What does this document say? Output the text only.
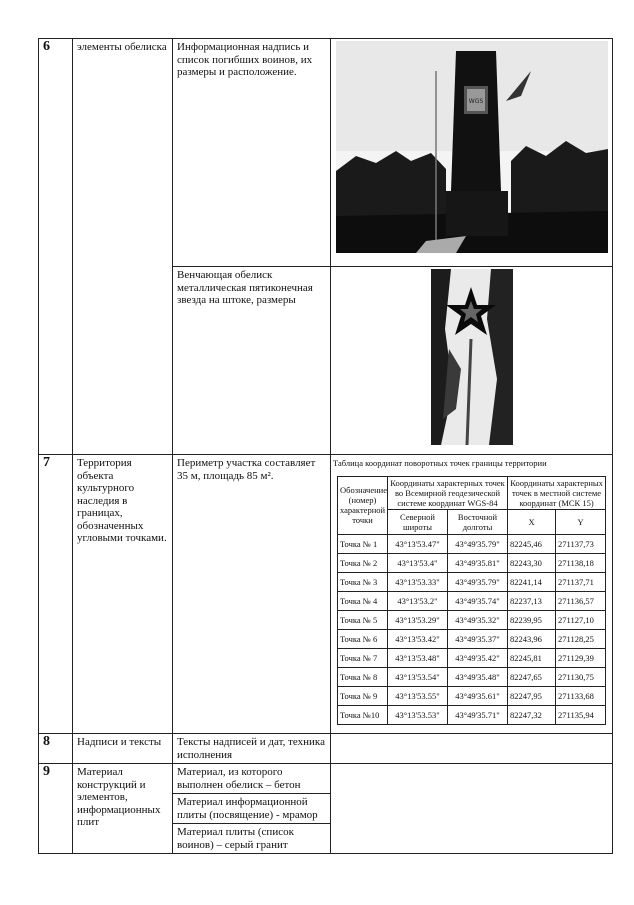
6	элементы обелиска	Информационная надпись и список погибших воинов, их размеры и расположение.	
WGS

Венчающая обелиск металлическая пятиконечная звезда на штоке, размеры	
7	Территория объекта культурного наследия в границах, обозначенных угловыми точками.	Периметр участка составляет 35 м, площадь 85 м².	
Таблица координат поворотных точек границы территории
Обозначение (номер) характерной точки	Координаты характерных точек во Всемирной геодезической системе координат WGS-84	Координаты характерных точек в местной системе координат (МСК 15)
Северной широты	Восточной долготы	X	Y
Точка № 1	43°13'53.47"	43°49'35.79"	82245,46	271137,73
Точка № 2	43°13'53.4"	43°49'35.81"	82243,30	271138,18
Точка № 3	43°13'53.33"	43°49'35.79"	82241,14	271137,71
Точка № 4	43°13'53.2"	43°49'35.74"	82237,13	271136,57
Точка № 5	43°13'53.29"	43°49'35.32"	82239,95	271127,10
Точка № 6	43°13'53.42"	43°49'35.37"	82243,96	271128,25
Точка № 7	43°13'53.48"	43°49'35.42"	82245,81	271129,39
Точка № 8	43°13'53.54"	43°49'35.48"	82247,65	271130,75
Точка № 9	43°13'53.55"	43°49'35.61"	82247,95	271133,68
Точка №10	43°13'53.53"	43°49'35.71"	82247,32	271135,94

8	Надписи и тексты	Тексты надписей и дат, техника исполнения	
9	Материал конструкций и элементов, информационных плит	
Материал, из которого выполнен обелиск – бетон
Материал информационной плиты (посвящение) - мрамор
Материал плиты (список воинов) – серый гранит
